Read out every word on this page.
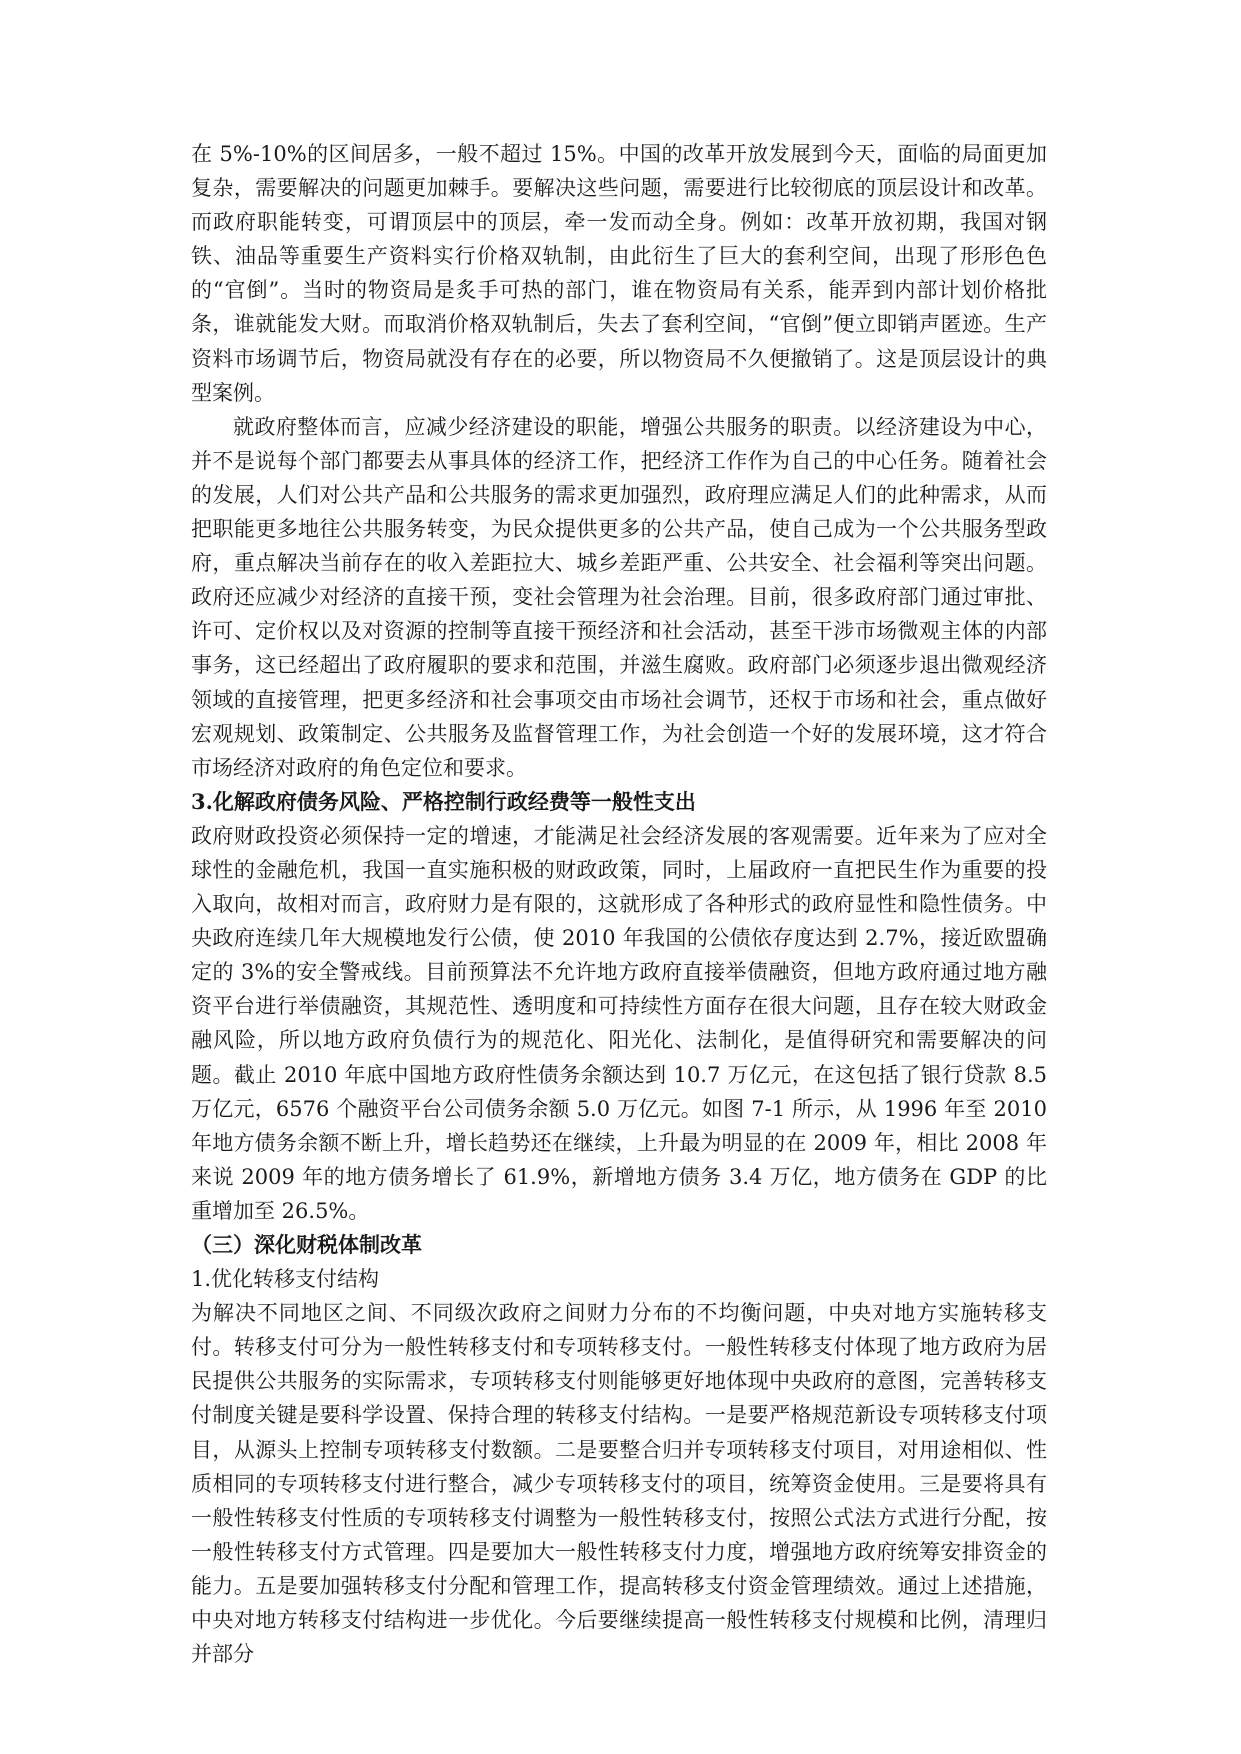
在 5%-10%的区间居多，一般不超过 15%。中国的改革开放发展到今天，面临的局面更加复杂，需要解决的问题更加棘手。要解决这些问题，需要进行比较彻底的顶层设计和改革。而政府职能转变，可谓顶层中的顶层，牵一发而动全身。例如：改革开放初期，我国对钢铁、油品等重要生产资料实行价格双轨制，由此衍生了巨大的套利空间，出现了形形色色的“官倒”。当时的物资局是炙手可热的部门，谁在物资局有关系，能弄到内部计划价格批条，谁就能发大财。而取消价格双轨制后，失去了套利空间，“官倒”便立即销声匿迹。生产资料市场调节后，物资局就没有存在的必要，所以物资局不久便撤销了。这是顶层设计的典型案例。

就政府整体而言，应减少经济建设的职能，增强公共服务的职责。以经济建设为中心，并不是说每个部门都要去从事具体的经济工作，把经济工作作为自己的中心任务。随着社会的发展，人们对公共产品和公共服务的需求更加强烈，政府理应满足人们的此种需求，从而把职能更多地往公共服务转变，为民众提供更多的公共产品，使自己成为一个公共服务型政府，重点解决当前存在的收入差距拉大、城乡差距严重、公共安全、社会福利等突出问题。政府还应减少对经济的直接干预，变社会管理为社会治理。目前，很多政府部门通过审批、许可、定价权以及对资源的控制等直接干预经济和社会活动，甚至干涉市场微观主体的内部事务，这已经超出了政府履职的要求和范围，并滋生腐败。政府部门必须逐步退出微观经济领域的直接管理，把更多经济和社会事项交由市场社会调节，还权于市场和社会，重点做好宏观规划、政策制定、公共服务及监督管理工作，为社会创造一个好的发展环境，这才符合市场经济对政府的角色定位和要求。

3.化解政府债务风险、严格控制行政经费等一般性支出

政府财政投资必须保持一定的增速，才能满足社会经济发展的客观需要。近年来为了应对全球性的金融危机，我国一直实施积极的财政政策，同时，上届政府一直把民生作为重要的投入取向，故相对而言，政府财力是有限的，这就形成了各种形式的政府显性和隐性债务。中央政府连续几年大规模地发行公债，使 2010 年我国的公债依存度达到 2.7%，接近欧盟确定的 3%的安全警戒线。目前预算法不允许地方政府直接举债融资，但地方政府通过地方融资平台进行举债融资，其规范性、透明度和可持续性方面存在很大问题，且存在较大财政金融风险，所以地方政府负债行为的规范化、阳光化、法制化，是值得研究和需要解决的问题。截止 2010 年底中国地方政府性债务余额达到 10.7 万亿元，在这包括了银行贷款 8.5 万亿元，6576 个融资平台公司债务余额 5.0 万亿元。如图 7-1 所示，从 1996 年至 2010 年地方债务余额不断上升，增长趋势还在继续，上升最为明显的在 2009 年，相比 2008 年来说 2009 年的地方债务增长了 61.9%，新增地方债务 3.4 万亿，地方债务在 GDP 的比重增加至 26.5%。

（三）深化财税体制改革

1.优化转移支付结构

为解决不同地区之间、不同级次政府之间财力分布的不均衡问题，中央对地方实施转移支付。转移支付可分为一般性转移支付和专项转移支付。一般性转移支付体现了地方政府为居民提供公共服务的实际需求，专项转移支付则能够更好地体现中央政府的意图，完善转移支付制度关键是要科学设置、保持合理的转移支付结构。一是要严格规范新设专项转移支付项目，从源头上控制专项转移支付数额。二是要整合归并专项转移支付项目，对用途相似、性质相同的专项转移支付进行整合，减少专项转移支付的项目，统筹资金使用。三是要将具有一般性转移支付性质的专项转移支付调整为一般性转移支付，按照公式法方式进行分配，按一般性转移支付方式管理。四是要加大一般性转移支付力度，增强地方政府统筹安排资金的能力。五是要加强转移支付分配和管理工作，提高转移支付资金管理绩效。通过上述措施，中央对地方转移支付结构进一步优化。今后要继续提高一般性转移支付规模和比例，清理归并部分
